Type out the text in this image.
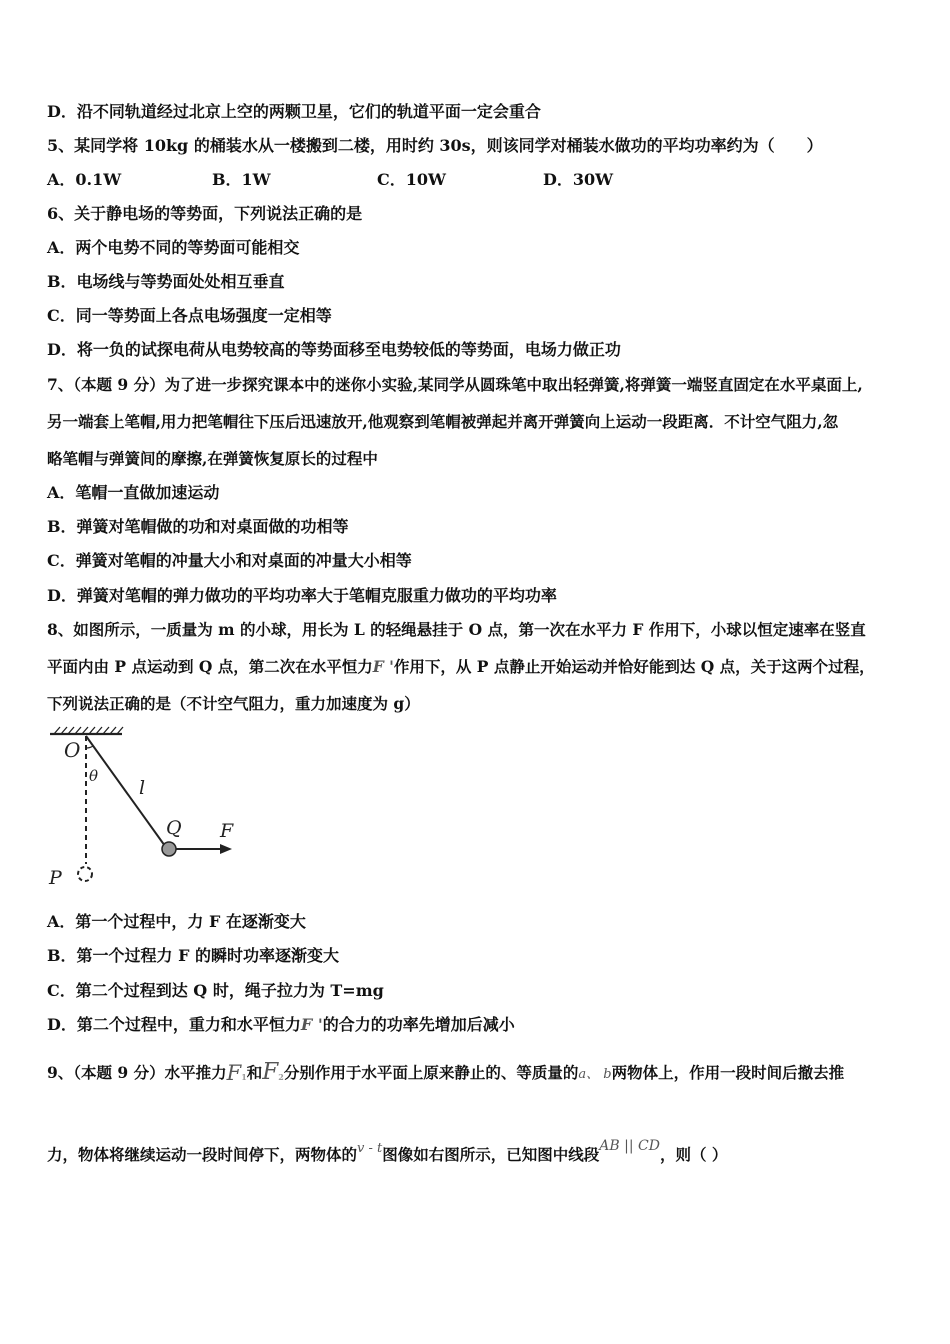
D．沿不同轨道经过北京上空的两颗卫星，它们的轨道平面一定会重合
5、某同学将 10kg 的桶装水从一楼搬到二楼，用时约 30s，则该同学对桶装水做功的平均功率约为（　　）
A．0.1W	B．1W	C．10W	D．30W
6、关于静电场的等势面，下列说法正确的是
A．两个电势不同的等势面可能相交
B．电场线与等势面处处相互垂直
C．同一等势面上各点电场强度一定相等
D．将一负的试探电荷从电势较高的等势面移至电势较低的等势面，电场力做正功
7、（本题 9 分）为了进一步探究课本中的迷你小实验,某同学从圆珠笔中取出轻弹簧,将弹簧一端竖直固定在水平桌面上,
另一端套上笔帽,用力把笔帽往下压后迅速放开,他观察到笔帽被弹起并离开弹簧向上运动一段距离．不计空气阻力,忽
略笔帽与弹簧间的摩擦,在弹簧恢复原长的过程中
A．笔帽一直做加速运动
B．弹簧对笔帽做的功和对桌面做的功相等
C．弹簧对笔帽的冲量大小和对桌面的冲量大小相等
D．弹簧对笔帽的弹力做功的平均功率大于笔帽克服重力做功的平均功率
8、如图所示，一质量为 m 的小球，用长为 L 的轻绳悬挂于 O 点，第一次在水平力 F 作用下，小球以恒定速率在竖直
平面内由 P 点运动到 Q 点，第二次在水平恒力F '作用下，从 P 点静止开始运动并恰好能到达 Q 点，关于这两个过程，
下列说法正确的是（不计空气阻力，重力加速度为 g）
O
θ
l
Q F
P
A．第一个过程中，力 F 在逐渐变大
B．第一个过程力 F 的瞬时功率逐渐变大
C．第二个过程到达 Q 时，绳子拉力为 T=mg
D．第二个过程中，重力和水平恒力F '的合力的功率先增加后减小
9、（本题 9 分）水平推力$F_1$和$F_2$分别作用于水平面上原来静止的、等质量的a、 b两物体上，作用一段时间后撤去推
力，物体将继续运动一段时间停下，两物体的$^{v - t}$图像如右图所示，已知图中线段AB || CD，则（ ）
